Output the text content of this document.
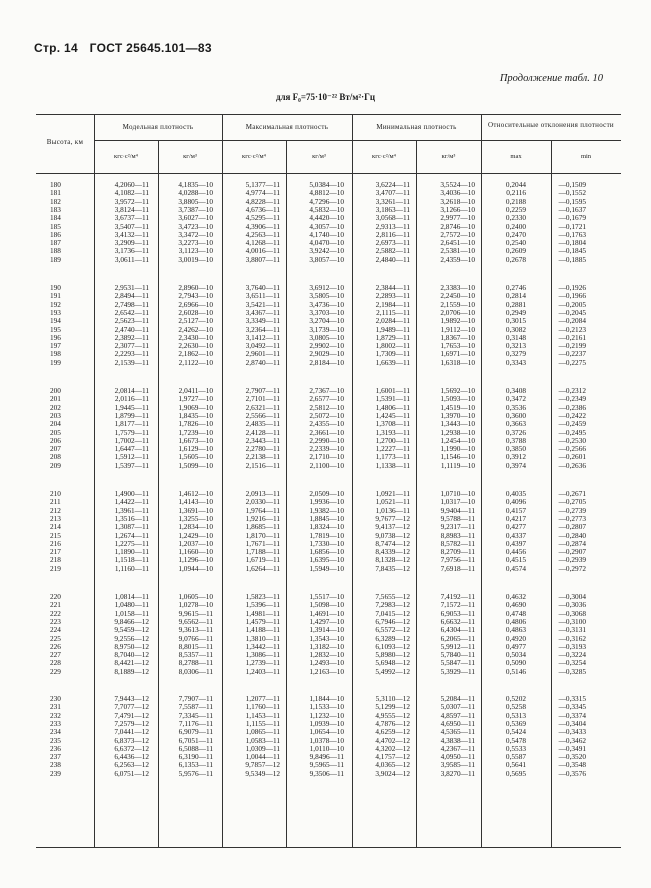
Стр. 14 ГОСТ 25645.101—83
Продолжение табл. 10
для F₀=75·10⁻²² Вт/м²·Гц
Высота, км
Модельная плотность	Максимальная плотность	Минимальная плотность	Относительные отклонения плотности
кгс·с²/м⁴	кг/м³	кгс·с²/м⁴	кг/м³	кгс·с²/м⁴	кг/м³	max	min
180	4,2060—11	4,1835—10	5,1377—11	5,0384—10	3,6224—11	3,5524—10	0,2044	—0,1509
181	4,1082—11	4,0288—10	4,9774—11	4,8812—10	3,4707—11	3,4036—10	0,2116	—0,1552
182	3,9572—11	3,8805—10	4,8228—11	4,7296—10	3,3261—11	3,2618—10	0,2188	—0,1595
183	3,8124—11	3,7387—10	4,6736—11	4,5832—10	3,1863—11	3,1266—10	0,2259	—0,1637
184	3,6737—11	3,6027—10	4,5295—11	4,4420—10	3,0568—11	2,9977—10	0,2330	—0,1679
185	3,5407—11	3,4723—10	4,3906—11	4,3057—10	2,9313—11	2,8746—10	0,2400	—0,1721
186	3,4132—11	3,3472—10	4,2563—11	4,1740—10	2,8116—11	2,7572—10	0,2470	—0,1763
187	3,2909—11	3,2273—10	4,1268—11	4,0470—10	2,6973—11	2,6451—10	0,2540	—0,1804
188	3,1736—11	3,1123—10	4,0016—11	3,9242—10	2,5882—11	2,5381—10	0,2609	—0,1845
189	3,0611—11	3,0019—10	3,8807—11	3,8057—10	2,4840—11	2,4359—10	0,2678	—0,1885
190	2,9531—11	2,8960—10	3,7640—11	3,6912—10	2,3844—11	2,3383—10	0,2746	—0,1926
191	2,8494—11	2,7943—10	3,6511—11	3,5805—10	2,2893—11	2,2450—10	0,2814	—0,1966
192	2,7498—11	2,6966—10	3,5421—11	3,4736—10	2,1984—11	2,1559—10	0,2881	—0,2005
193	2,6542—11	2,6028—10	3,4367—11	3,3703—10	2,1115—11	2,0706—10	0,2949	—0,2045
194	2,5623—11	2,5127—10	3,3349—11	3,2704—10	2,0284—11	1,9892—10	0,3015	—0,2084
195	2,4740—11	2,4262—10	3,2364—11	3,1739—10	1,9489—11	1,9112—10	0,3082	—0,2123
196	2,3892—11	2,3430—10	3,1412—11	3,0805—10	1,8729—11	1,8367—10	0,3148	—0,2161
197	2,3077—11	2,2630—10	3,0492—11	2,9902—10	1,8002—11	1,7653—10	0,3213	—0,2199
198	2,2293—11	2,1862—10	2,9601—11	2,9029—10	1,7309—11	1,6971—10	0,3279	—0,2237
199	2,1539—11	2,1122—10	2,8740—11	2,8184—10	1,6639—11	1,6318—10	0,3343	—0,2275
200	2,0814—11	2,0411—10	2,7907—11	2,7367—10	1,6001—11	1,5692—10	0,3408	—0,2312
201	2,0116—11	1,9727—10	2,7101—11	2,6577—10	1,5391—11	1,5093—10	0,3472	—0,2349
202	1,9445—11	1,9069—10	2,6321—11	2,5812—10	1,4806—11	1,4519—10	0,3536	—0,2386
203	1,8799—11	1,8435—10	2,5566—11	2,5072—10	1,4245—11	1,3970—10	0,3600	—0,2422
204	1,8177—11	1,7826—10	2,4835—11	2,4355—10	1,3708—11	1,3443—10	0,3663	—0,2459
205	1,7579—11	1,7239—10	2,4128—11	2,3661—10	1,3193—11	1,2938—10	0,3726	—0,2495
206	1,7002—11	1,6673—10	2,3443—11	2,2990—10	1,2700—11	1,2454—10	0,3788	—0,2530
207	1,6447—11	1,6129—10	2,2780—11	2,2339—10	1,2227—11	1,1990—10	0,3850	—0,2566
208	1,5912—11	1,5605—10	2,2138—11	2,1710—10	1,1773—11	1,1546—10	0,3912	—0,2601
209	1,5397—11	1,5099—10	2,1516—11	2,1100—10	1,1338—11	1,1119—10	0,3974	—0,2636
210	1,4900—11	1,4612—10	2,0913—11	2,0509—10	1,0921—11	1,0710—10	0,4035	—0,2671
211	1,4422—11	1,4143—10	2,0330—11	1,9936—10	1,0521—11	1,0317—10	0,4096	—0,2705
212	1,3961—11	1,3691—10	1,9764—11	1,9382—10	1,0136—11	9,9404—11	0,4157	—0,2739
213	1,3516—11	1,3255—10	1,9216—11	1,8845—10	9,7677—12	9,5788—11	0,4217	—0,2773
214	1,3087—11	1,2834—10	1,8685—11	1,8324—10	9,4137—12	9,2317—11	0,4277	—0,2807
215	1,2674—11	1,2429—10	1,8170—11	1,7819—10	9,0738—12	8,8983—11	0,4337	—0,2840
216	1,2275—11	1,2037—10	1,7671—11	1,7330—10	8,7474—12	8,5782—11	0,4397	—0,2874
217	1,1890—11	1,1660—10	1,7188—11	1,6856—10	8,4339—12	8,2709—11	0,4456	—0,2907
218	1,1518—11	1,1296—10	1,6719—11	1,6395—10	8,1328—12	7,9756—11	0,4515	—0,2939
219	1,1160—11	1,0944—10	1,6264—11	1,5949—10	7,8435—12	7,6918—11	0,4574	—0,2972
220	1,0814—11	1,0605—10	1,5823—11	1,5517—10	7,5655—12	7,4192—11	0,4632	—0,3004
221	1,0480—11	1,0278—10	1,5396—11	1,5098—10	7,2983—12	7,1572—11	0,4690	—0,3036
222	1,0158—11	9,9615—11	1,4981—11	1,4691—10	7,0415—12	6,9053—11	0,4748	—0,3068
223	9,8466—12	9,6562—11	1,4579—11	1,4297—10	6,7946—12	6,6632—11	0,4806	—0,3100
224	9,5459—12	9,3613—11	1,4188—11	1,3914—10	6,5572—12	6,4304—11	0,4863	—0,3131
225	9,2556—12	9,0766—11	1,3810—11	1,3543—10	6,3289—12	6,2065—11	0,4920	—0,3162
226	8,9750—12	8,8015—11	1,3442—11	1,3182—10	6,1093—12	5,9912—11	0,4977	—0,3193
227	8,7040—12	8,5357—11	1,3086—11	1,2832—10	5,8980—12	5,7840—11	0,5034	—0,3224
228	8,4421—12	8,2788—11	1,2739—11	1,2493—10	5,6948—12	5,5847—11	0,5090	—0,3254
229	8,1889—12	8,0306—11	1,2403—11	1,2163—10	5,4992—12	5,3929—11	0,5146	—0,3285
230	7,9443—12	7,7907—11	1,2077—11	1,1844—10	5,3110—12	5,2084—11	0,5202	—0,3315
231	7,7077—12	7,5587—11	1,1760—11	1,1533—10	5,1299—12	5,0307—11	0,5258	—0,3345
232	7,4791—12	7,3345—11	1,1453—11	1,1232—10	4,9555—12	4,8597—11	0,5313	—0,3374
233	7,2579—12	7,1176—11	1,1155—11	1,0939—10	4,7876—12	4,6950—11	0,5369	—0,3404
234	7,0441—12	6,9079—11	1,0865—11	1,0654—10	4,6259—12	4,5365—11	0,5424	—0,3433
235	6,8373—12	6,7051—11	1,0583—11	1,0378—10	4,4702—12	4,3838—11	0,5478	—0,3462
236	6,6372—12	6,5088—11	1,0309—11	1,0110—10	4,3202—12	4,2367—11	0,5533	—0,3491
237	6,4436—12	6,3190—11	1,0044—11	9,8496—11	4,1757—12	4,0950—11	0,5587	—0,3520
238	6,2563—12	6,1353—11	9,7857—12	9,5965—11	4,0365—12	3,9585—11	0,5641	—0,3548
239	6,0751—12	5,9576—11	9,5349—12	9,3506—11	3,9024—12	3,8270—11	0,5695	—0,3576
